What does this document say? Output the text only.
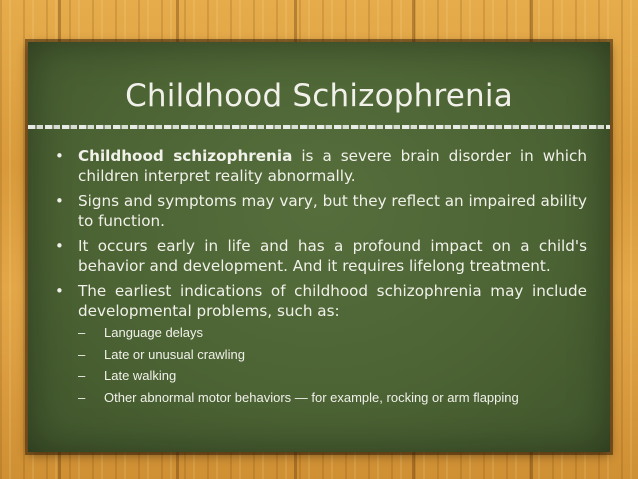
Childhood Schizophrenia
• Childhood schizophrenia is a severe brain disorder in which children interpret reality abnormally.
• Signs and symptoms may vary, but they reflect an impaired ability to function.
• It occurs early in life and has a profound impact on a child's behavior and development. And it requires lifelong treatment.
• The earliest indications of childhood schizophrenia may include developmental problems, such as:
– Language delays
– Late or unusual crawling
– Late walking
– Other abnormal motor behaviors — for example, rocking or arm flapping
